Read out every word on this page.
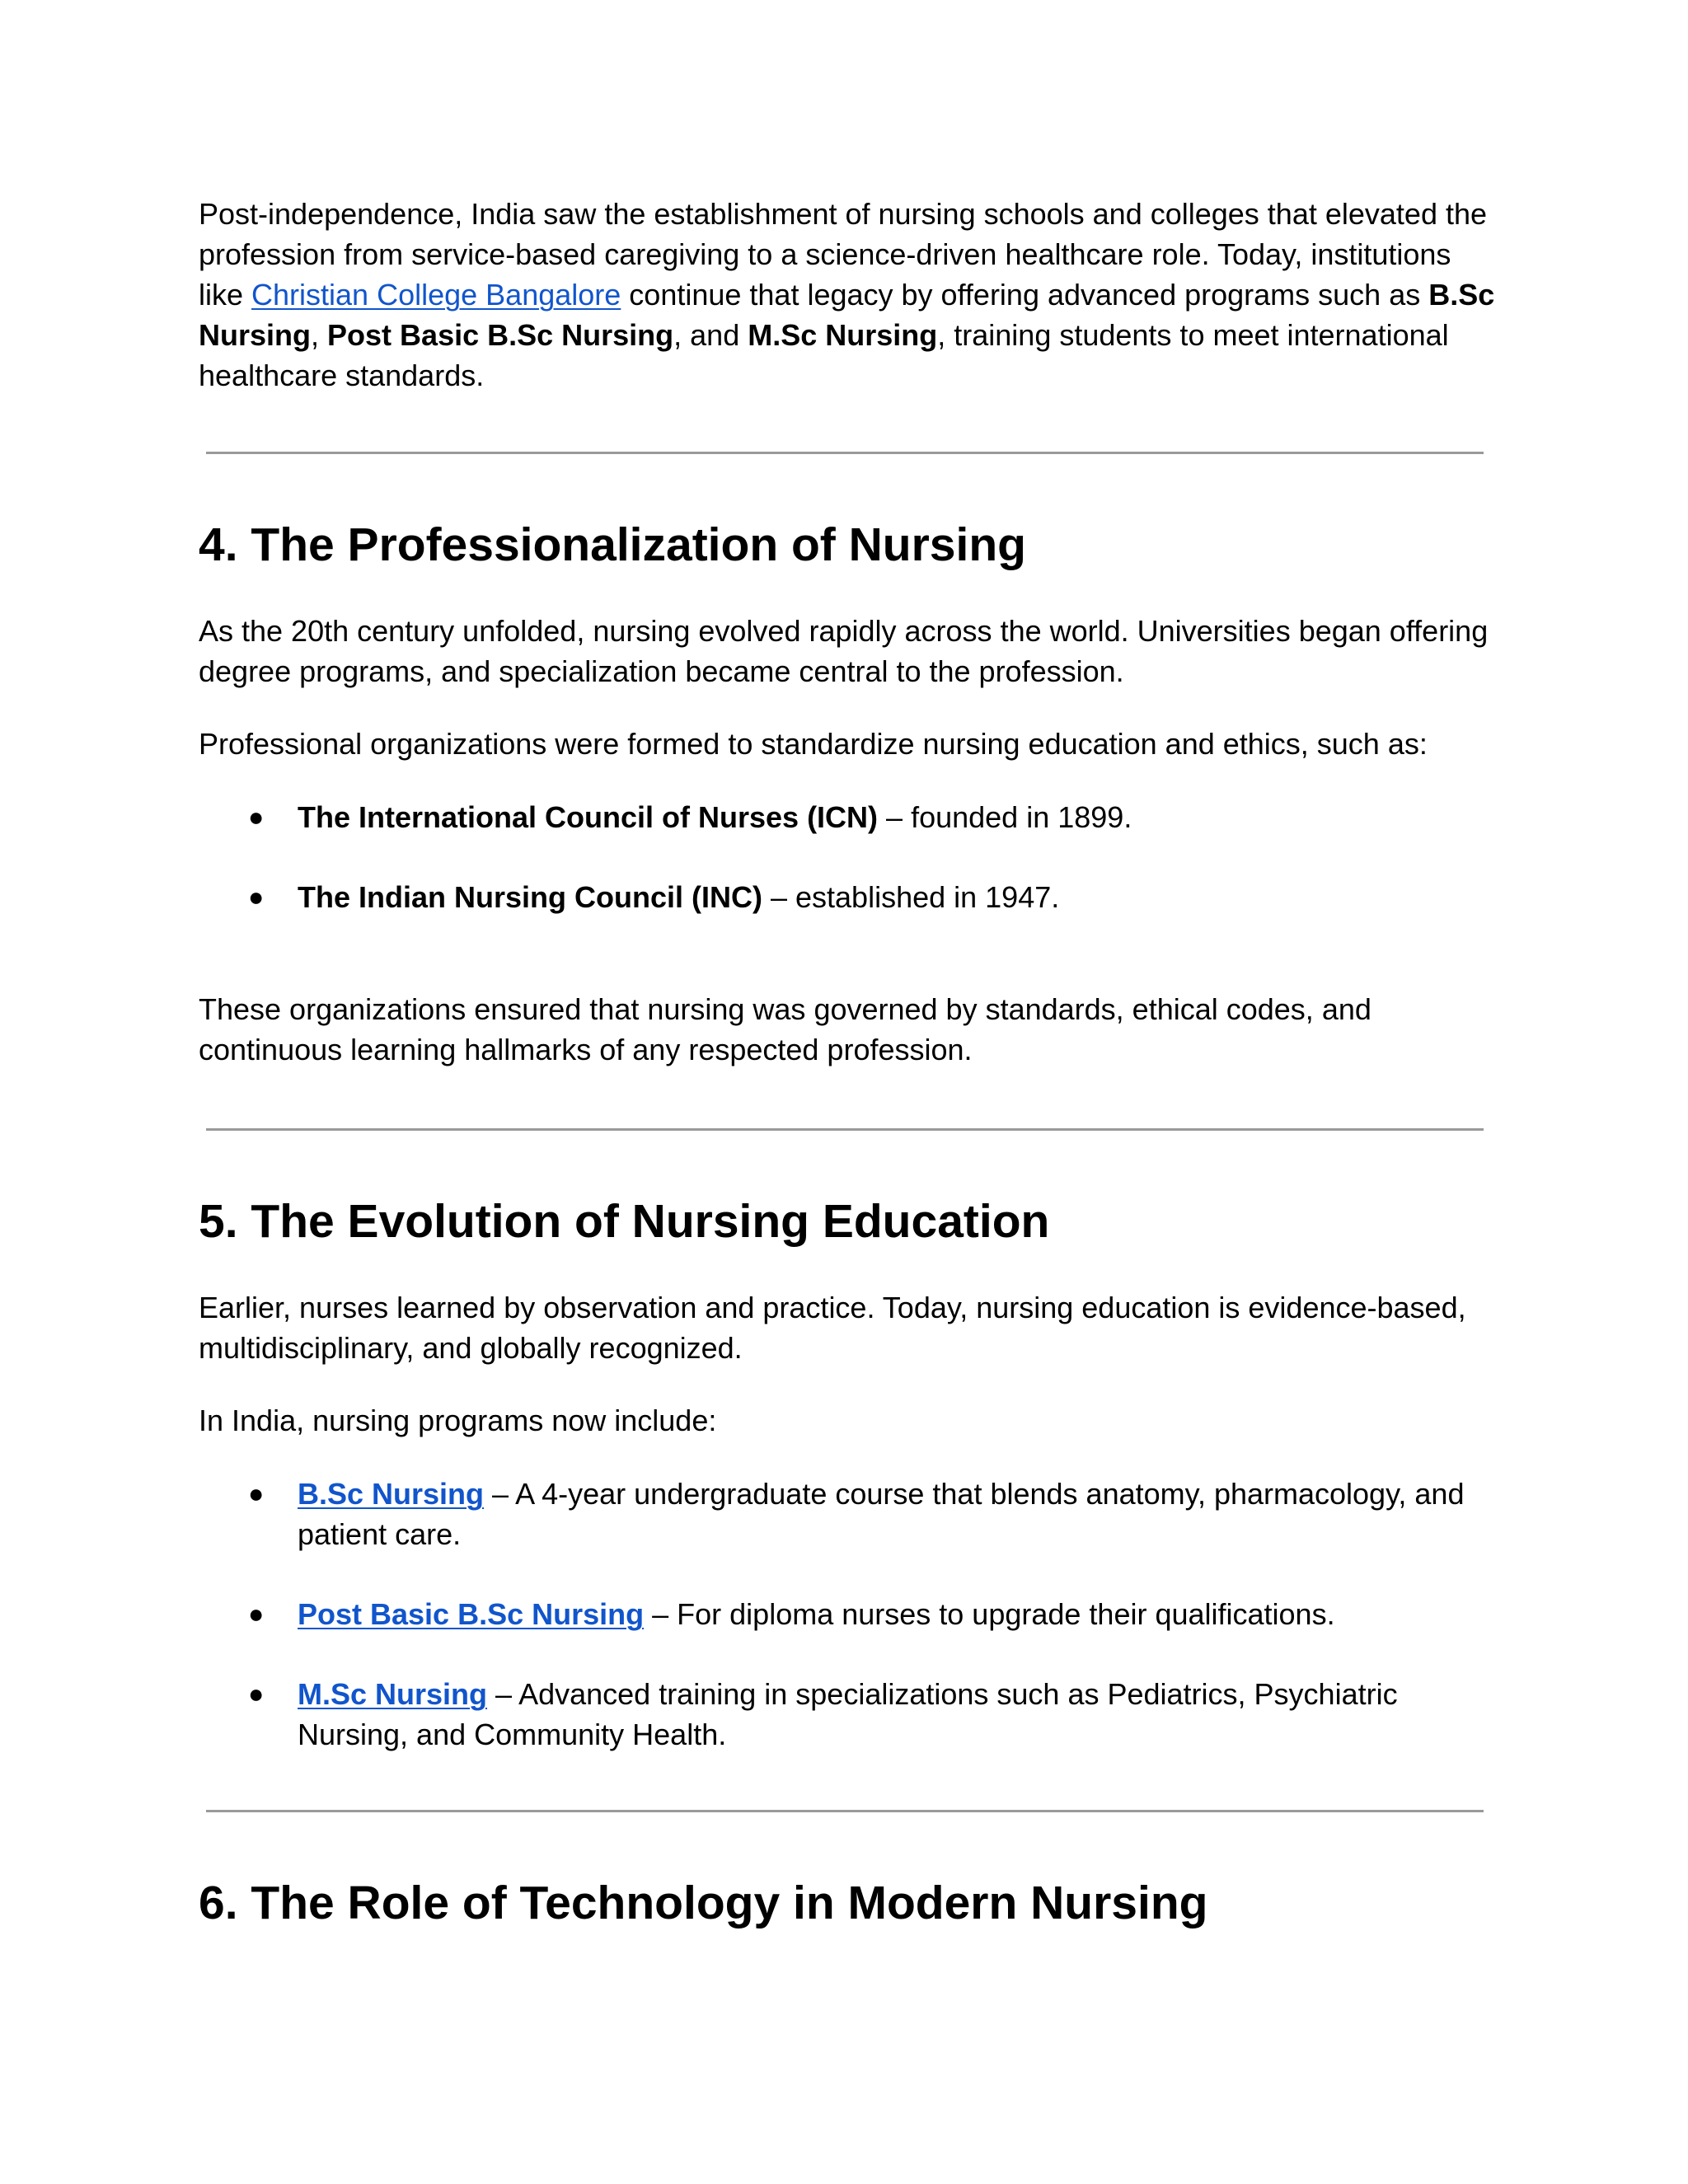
Post-independence, India saw the establishment of nursing schools and colleges that elevated the profession from service-based caregiving to a science-driven healthcare role. Today, institutions like Christian College Bangalore continue that legacy by offering advanced programs such as B.Sc Nursing, Post Basic B.Sc Nursing, and M.Sc Nursing, training students to meet international healthcare standards.

4. The Professionalization of Nursing

As the 20th century unfolded, nursing evolved rapidly across the world. Universities began offering degree programs, and specialization became central to the profession.

Professional organizations were formed to standardize nursing education and ethics, such as:

●	The International Council of Nurses (ICN) – founded in 1899.
●	The Indian Nursing Council (INC) – established in 1947.

These organizations ensured that nursing was governed by standards, ethical codes, and continuous learning hallmarks of any respected profession.

5. The Evolution of Nursing Education

Earlier, nurses learned by observation and practice. Today, nursing education is evidence-based, multidisciplinary, and globally recognized.

In India, nursing programs now include:

●	B.Sc Nursing – A 4-year undergraduate course that blends anatomy, pharmacology, and patient care.
●	Post Basic B.Sc Nursing – For diploma nurses to upgrade their qualifications.
●	M.Sc Nursing – Advanced training in specializations such as Pediatrics, Psychiatric Nursing, and Community Health.
6. The Role of Technology in Modern Nursing
